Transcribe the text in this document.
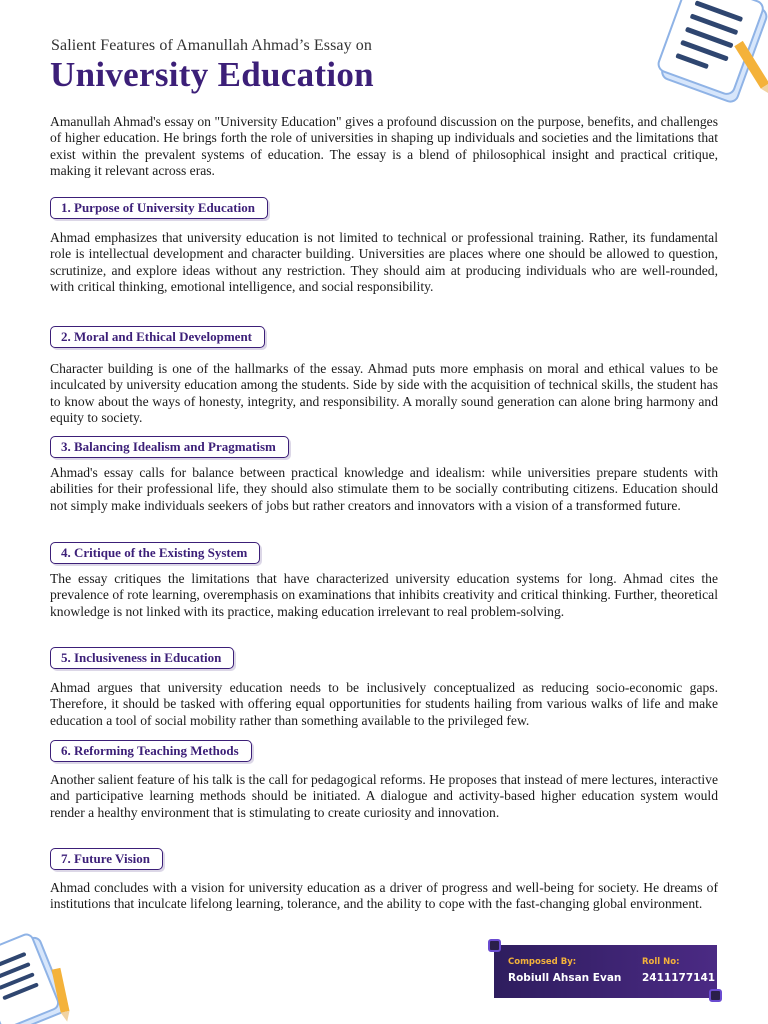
Salient Features of Amanullah Ahmad’s Essay on
University Education

Amanullah Ahmad's essay on "University Education" gives a profound discussion on the purpose, benefits, and challenges of higher education. He brings forth the role of universities in shaping up individuals and societies and the limitations that exist within the prevalent systems of education. The essay is a blend of philosophical insight and practical critique, making it relevant across eras.

1. Purpose of University Education

Ahmad emphasizes that university education is not limited to technical or professional training. Rather, its fundamental role is intellectual development and character building. Universities are places where one should be allowed to question, scrutinize, and explore ideas without any restriction. They should aim at producing individuals who are well-rounded, with critical thinking, emotional intelligence, and social responsibility.

2. Moral and Ethical Development

Character building is one of the hallmarks of the essay. Ahmad puts more emphasis on moral and ethical values to be inculcated by university education among the students. Side by side with the acquisition of technical skills, the student has to know about the ways of honesty, integrity, and responsibility. A morally sound generation can alone bring harmony and equity to society.

3. Balancing Idealism and Pragmatism

Ahmad's essay calls for balance between practical knowledge and idealism: while universities prepare students with abilities for their professional life, they should also stimulate them to be socially contributing citizens. Education should not simply make individuals seekers of jobs but rather creators and innovators with a vision of a transformed future.

4. Critique of the Existing System

The essay critiques the limitations that have characterized university education systems for long. Ahmad cites the prevalence of rote learning, overemphasis on examinations that inhibits creativity and critical thinking. Further, theoretical knowledge is not linked with its practice, making education irrelevant to real problem-solving.

5. Inclusiveness in Education

Ahmad argues that university education needs to be inclusively conceptualized as reducing socio-economic gaps. Therefore, it should be tasked with offering equal opportunities for students hailing from various walks of life and make education a tool of social mobility rather than something available to the privileged few.

6. Reforming Teaching Methods

Another salient feature of his talk is the call for pedagogical reforms. He proposes that instead of mere lectures, interactive and participative learning methods should be initiated. A dialogue and activity-based higher education system would render a healthy environment that is stimulating to create curiosity and innovation.

7. Future Vision

Ahmad concludes with a vision for university education as a driver of progress and well-being for society. He dreams of institutions that inculcate lifelong learning, tolerance, and the ability to cope with the fast-changing global environment.

Composed By:
Robiull Ahsan Evan
Roll No:
2411177141
